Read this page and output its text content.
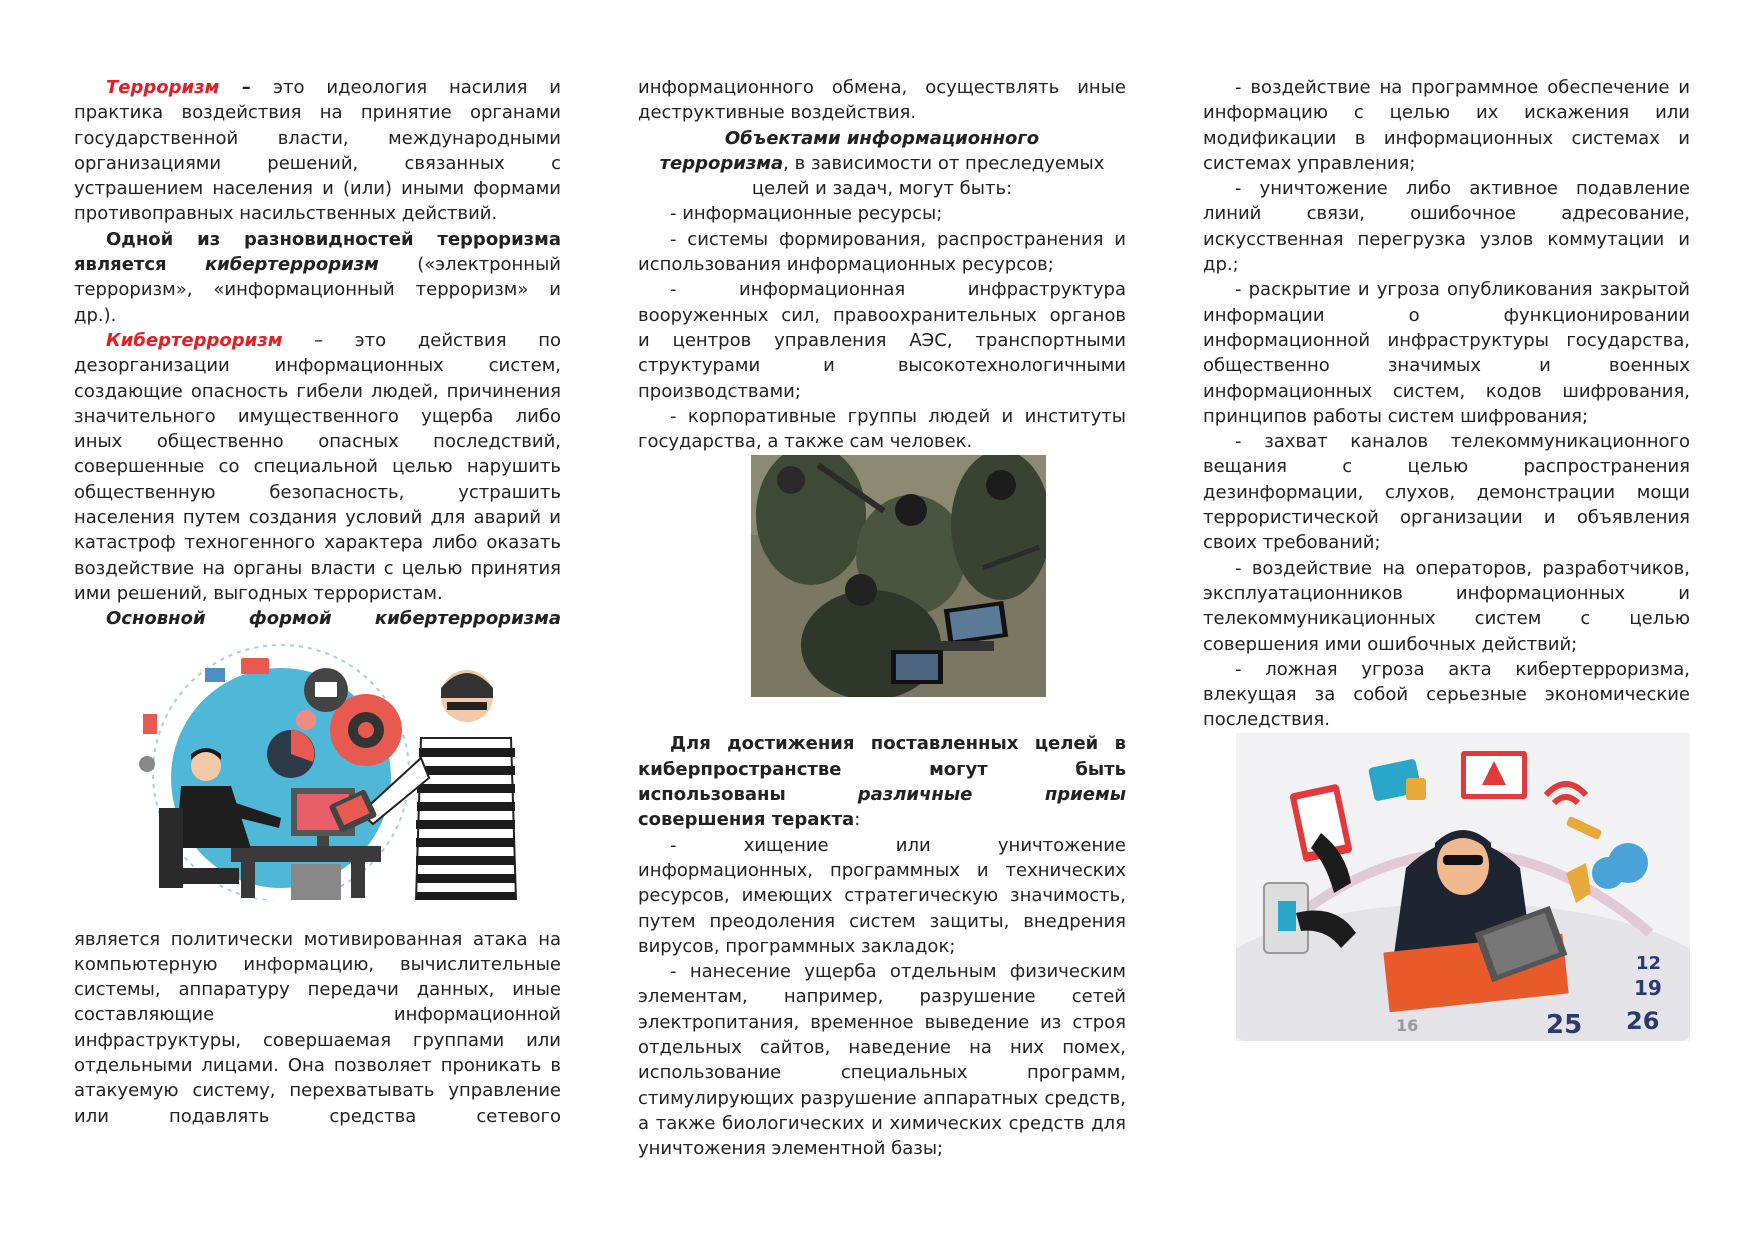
Терроризм – это идеология насилия и

практика воздействия на принятие органами

государственной власти, международными

организациями решений, связанных с

устрашением населения и (или) иными формами

противоправных насильственных действий.

Одной из разновидностей терроризма

является кибертерроризм («электронный

терроризм», «информационный терроризм» и

др.).

Кибертерроризм – это действия по

дезорганизации информационных систем,

создающие опасность гибели людей, причинения

значительного имущественного ущерба либо

иных общественно опасных последствий,

совершенные со специальной целью нарушить

общественную безопасность, устрашить

населения путем создания условий для аварий и

катастроф техногенного характера либо оказать

воздействие на органы власти с целью принятия

ими решений, выгодных террористам.

Основной формой кибертерроризма

является политически мотивированная атака на

компьютерную информацию, вычислительные

системы, аппаратуру передачи данных, иные

составляющие информационной

инфраструктуры, совершаемая группами или

отдельными лицами. Она позволяет проникать в

атакуемую систему, перехватывать управление

или подавлять средства сетевого

информационного обмена, осуществлять иные

деструктивные воздействия.

Объектами информационного

терроризма, в зависимости от преследуемых

целей и задач, могут быть:

- информационные ресурсы;

- системы формирования, распространения и

использования информационных ресурсов;

- информационная инфраструктура

вооруженных сил, правоохранительных органов

и центров управления АЭС, транспортными

структурами и высокотехнологичными

производствами;

- корпоративные группы людей и институты

государства, а также сам человек.

Для достижения поставленных целей в

киберпространстве могут быть

использованы	различные приемы

совершения теракта:

- хищение или уничтожение

информационных, программных и технических

ресурсов, имеющих стратегическую значимость,

путем преодоления систем защиты, внедрения

вирусов, программных закладок;

- нанесение ущерба отдельным физическим

элементам, например, разрушение сетей

электропитания, временное выведение из строя

отдельных сайтов, наведение на них помех,

использование специальных программ,

стимулирующих разрушение аппаратных средств,

а также биологических и химических средств для

уничтожения элементной базы;

- воздействие на программное обеспечение и

информацию с целью их искажения или

модификации в информационных системах и

системах управления;

- уничтожение либо активное подавление

линий связи, ошибочное адресование,

искусственная перегрузка узлов коммутации и

др.;

- раскрытие и угроза опубликования закрытой

информации о функционировании

информационной инфраструктуры государства,

общественно значимых и военных

информационных систем, кодов шифрования,

принципов работы систем шифрования;

- захват каналов телекоммуникационного

вещания с целью распространения

дезинформации, слухов, демонстрации мощи

террористической организации и объявления

своих требований;

- воздействие на операторов, разработчиков,

эксплуатационников информационных и

телекоммуникационных систем с целью

совершения ими ошибочных действий;

- ложная угроза акта кибертерроризма,

влекущая за собой серьезные экономические

последствия.

25 26
19
12
16
